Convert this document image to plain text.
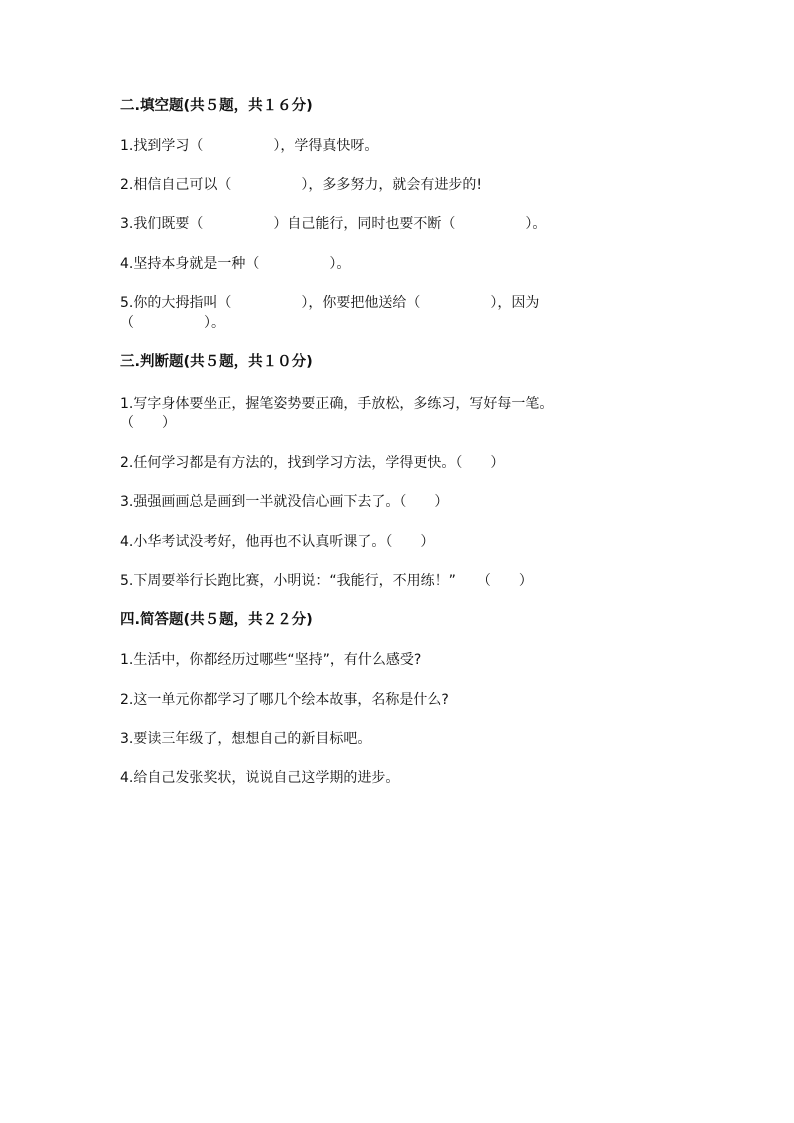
二.填空题(共５题，共１６分)
1.找到学习（　　　　　），学得真快呀。
2.相信自己可以（　　　　　），多多努力，就会有进步的!
3.我们既要（　　　　　）自己能行，同时也要不断（　　　　　）。
4.坚持本身就是一种（　　　　　）。
5.你的大拇指叫（　　　　　），你要把他送给（　　　　　），因为
（　　　　　）。
三.判断题(共５题，共１０分)
1.写字身体要坐正，握笔姿势要正确，手放松，多练习，写好每一笔。
（　　）
2.任何学习都是有方法的，找到学习方法，学得更快。（　　）
3.强强画画总是画到一半就没信心画下去了。（　　）
4.小华考试没考好，他再也不认真听课了。（　　）
5.下周要举行长跑比赛，小明说：“我能行，不用练！”　　（　　）
四.简答题(共５题，共２２分)
1.生活中，你都经历过哪些“坚持”，有什么感受?
2.这一单元你都学习了哪几个绘本故事，名称是什么?
3.要读三年级了，想想自己的新目标吧。
4.给自己发张奖状，说说自己这学期的进步。
